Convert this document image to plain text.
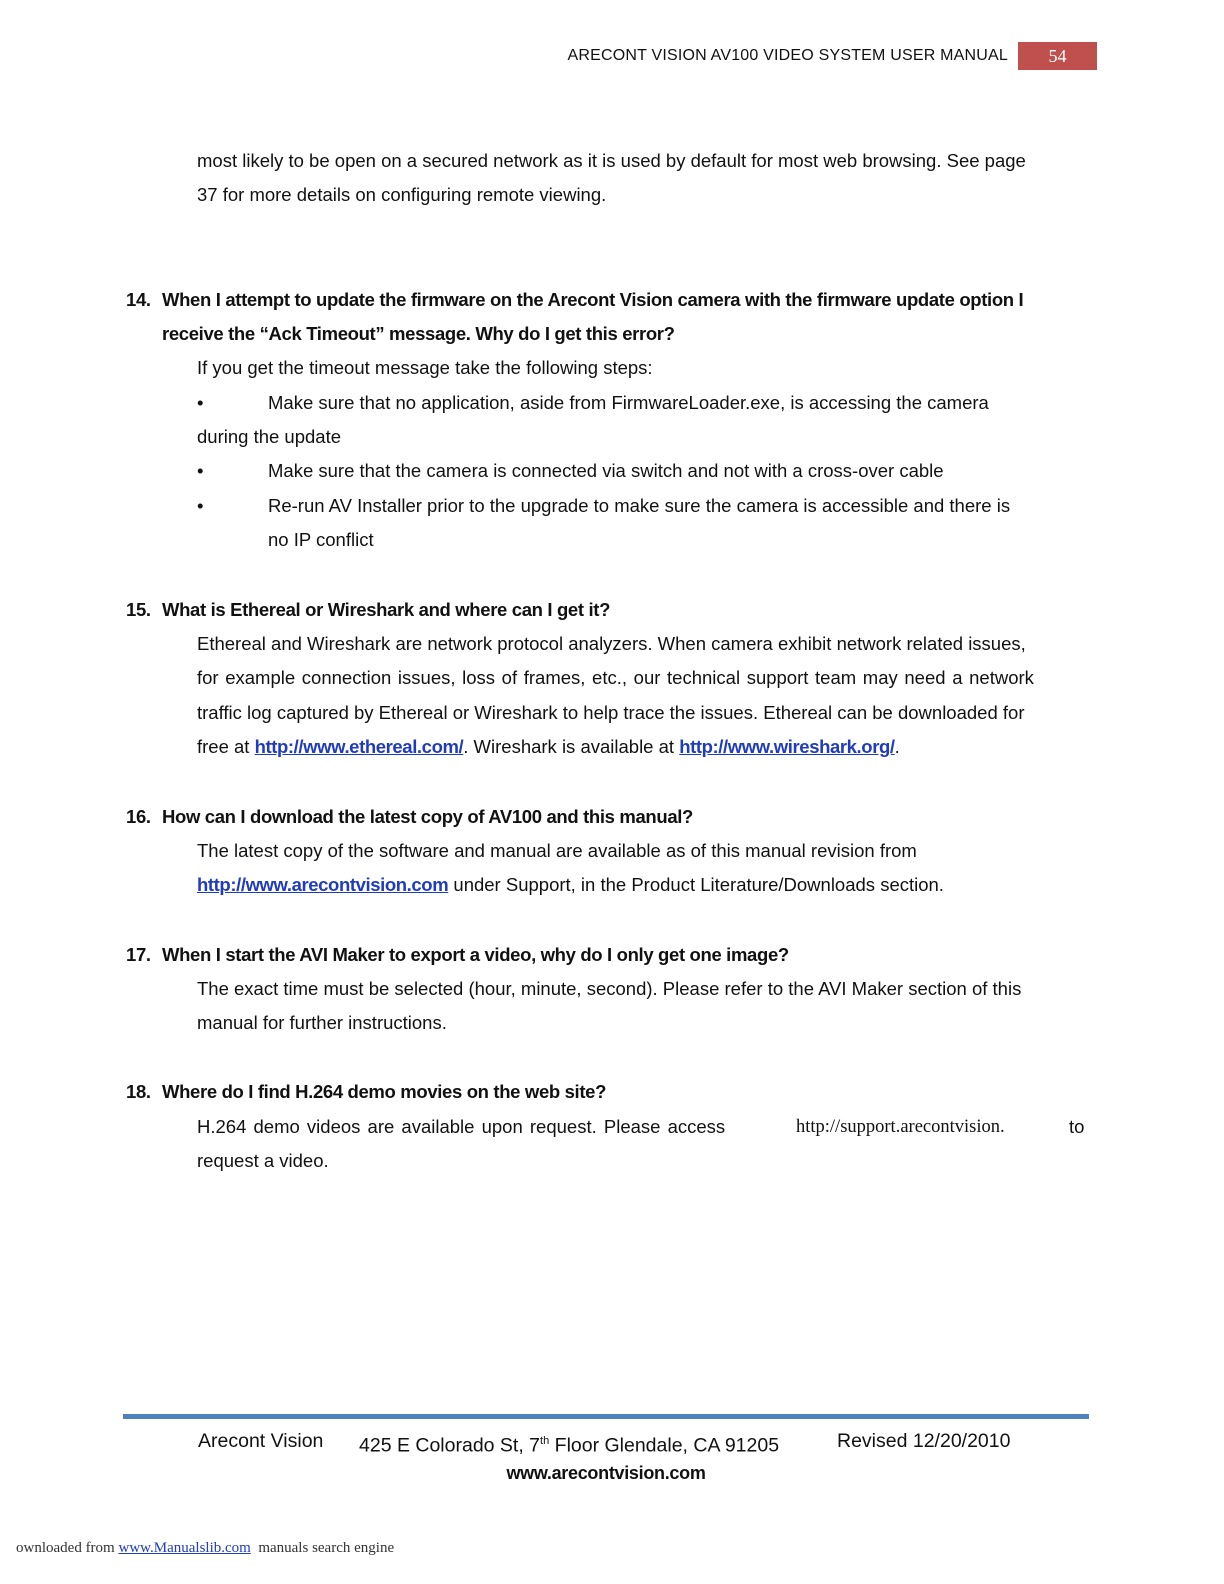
ARECONT VISION AV100 VIDEO SYSTEM USER MANUAL	54
most likely to be open on a secured network as it is used by default for most web browsing. See page
37 for more details on configuring remote viewing.
14. When I attempt to update the firmware on the Arecont Vision camera with the firmware update option I
receive the “Ack Timeout” message. Why do I get this error?
If you get the timeout message take the following steps:
•	Make sure that no application, aside from FirmwareLoader.exe, is accessing the camera
during the update
•	Make sure that the camera is connected via switch and not with a cross-over cable
•	Re-run AV Installer prior to the upgrade to make sure the camera is accessible and there is
no IP conflict
15. What is Ethereal or Wireshark and where can I get it?
Ethereal and Wireshark are network protocol analyzers. When camera exhibit network related issues,
for example connection issues, loss of frames, etc., our technical support team may need a network
traffic log captured by Ethereal or Wireshark to help trace the issues. Ethereal can be downloaded for
free at http://www.ethereal.com/. Wireshark is available at http://www.wireshark.org/.
16. How can I download the latest copy of AV100 and this manual?
The latest copy of the software and manual are available as of this manual revision from
http://www.arecontvision.com under Support, in the Product Literature/Downloads section.
17. When I start the AVI Maker to export a video, why do I only get one image?
The exact time must be selected (hour, minute, second). Please refer to the AVI Maker section of this
manual for further instructions.
18. Where do I find H.264 demo movies on the web site?
H.264 demo videos are available upon request. Please access	http://support.arecontvision.	to
request a video.
Arecont Vision 425 E Colorado St, 7th Floor Glendale, CA 91205	Revised 12/20/2010
www.arecontvision.com
ownloaded from www.Manualslib.com  manuals search engine
